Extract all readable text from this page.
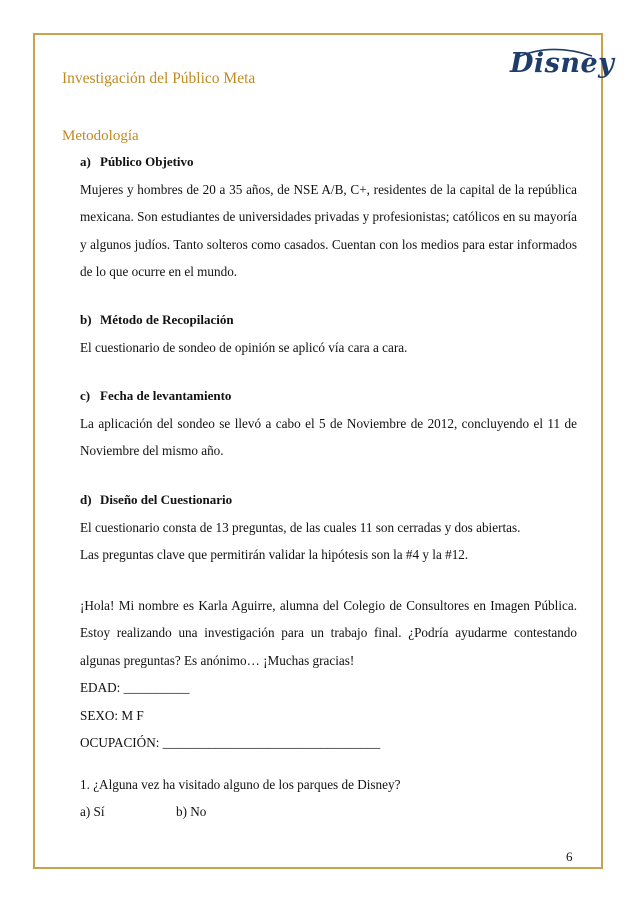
Investigación del Público Meta	Disney
Metodología
a) Público Objetivo

Mujeres y hombres de 20 a 35 años, de NSE A/B, C+, residentes de la capital de la república mexicana. Son estudiantes de universidades privadas y profesionistas; católicos en su mayoría y algunos judíos. Tanto solteros como casados. Cuentan con los medios para estar informados de lo que ocurre en el mundo.

b) Método de Recopilación

El cuestionario de sondeo de opinión se aplicó vía cara a cara.

c) Fecha de levantamiento

La aplicación del sondeo se llevó a cabo el 5 de Noviembre de 2012, concluyendo el 11 de Noviembre del mismo año.

d) Diseño del Cuestionario
El cuestionario consta de 13 preguntas, de las cuales 11 son cerradas y dos abiertas.
Las preguntas clave que permitirán validar la hipótesis son la #4 y la #12.

¡Hola! Mi nombre es Karla Aguirre, alumna del Colegio de Consultores en Imagen Pública. Estoy realizando una investigación para un trabajo final. ¿Podría ayudarme contestando algunas preguntas? Es anónimo… ¡Muchas gracias!

EDAD: __________
SEXO: M F
OCUPACIÓN: _________________________________
1. ¿Alguna vez ha visitado alguno de los parques de Disney?
a) Sí	b) No
6
